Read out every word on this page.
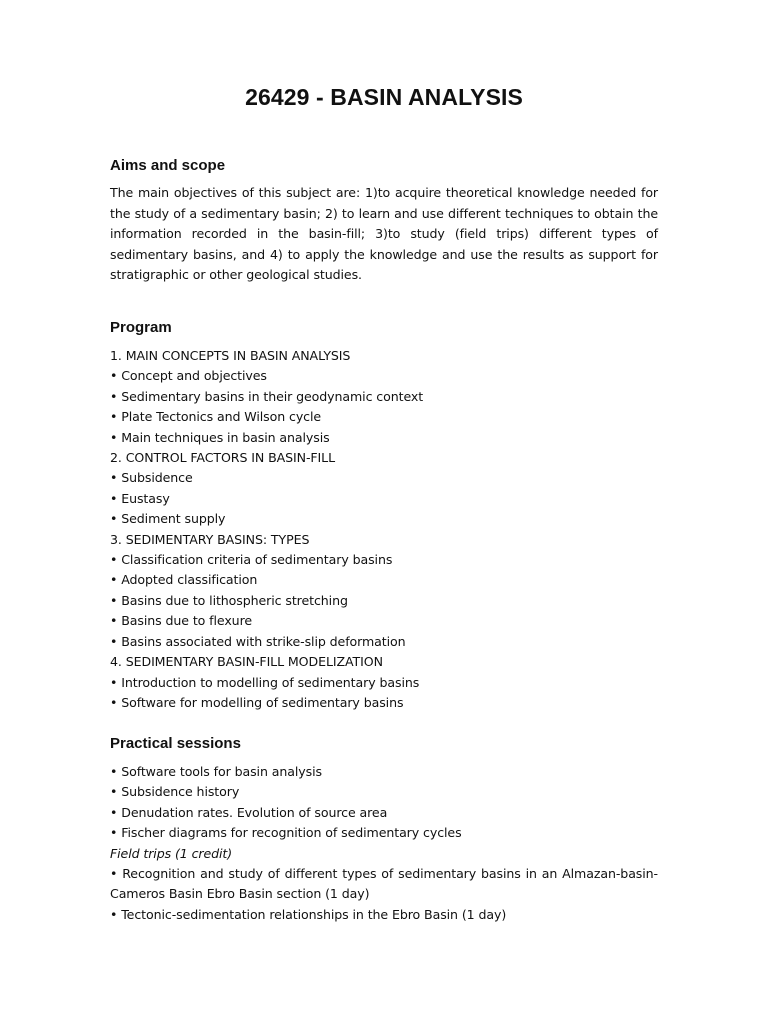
26429 - BASIN ANALYSIS
Aims and scope

The main objectives of this subject are: 1)to acquire theoretical knowledge needed for the study of a sedimentary basin; 2) to learn and use different techniques to obtain the information recorded in the basin-fill; 3)to study (field trips) different types of sedimentary basins, and 4) to apply the knowledge and use the results as support for stratigraphic or other geological studies.

Program
1. MAIN CONCEPTS IN BASIN ANALYSIS
• Concept and objectives
• Sedimentary basins in their geodynamic context
• Plate Tectonics and Wilson cycle
• Main techniques in basin analysis
2. CONTROL FACTORS IN BASIN-FILL
• Subsidence
• Eustasy
• Sediment supply
3. SEDIMENTARY BASINS: TYPES
• Classification criteria of sedimentary basins
• Adopted classification
• Basins due to lithospheric stretching
• Basins due to flexure
• Basins associated with strike-slip deformation
4. SEDIMENTARY BASIN-FILL MODELIZATION
• Introduction to modelling of sedimentary basins
• Software for modelling of sedimentary basins
Practical sessions
• Software tools for basin analysis
• Subsidence history
• Denudation rates. Evolution of source area
• Fischer diagrams for recognition of sedimentary cycles
Field trips (1 credit)
• Recognition and study of different types of sedimentary basins in an Almazan-basin-Cameros Basin Ebro Basin section (1 day)
• Tectonic-sedimentation relationships in the Ebro Basin (1 day)
